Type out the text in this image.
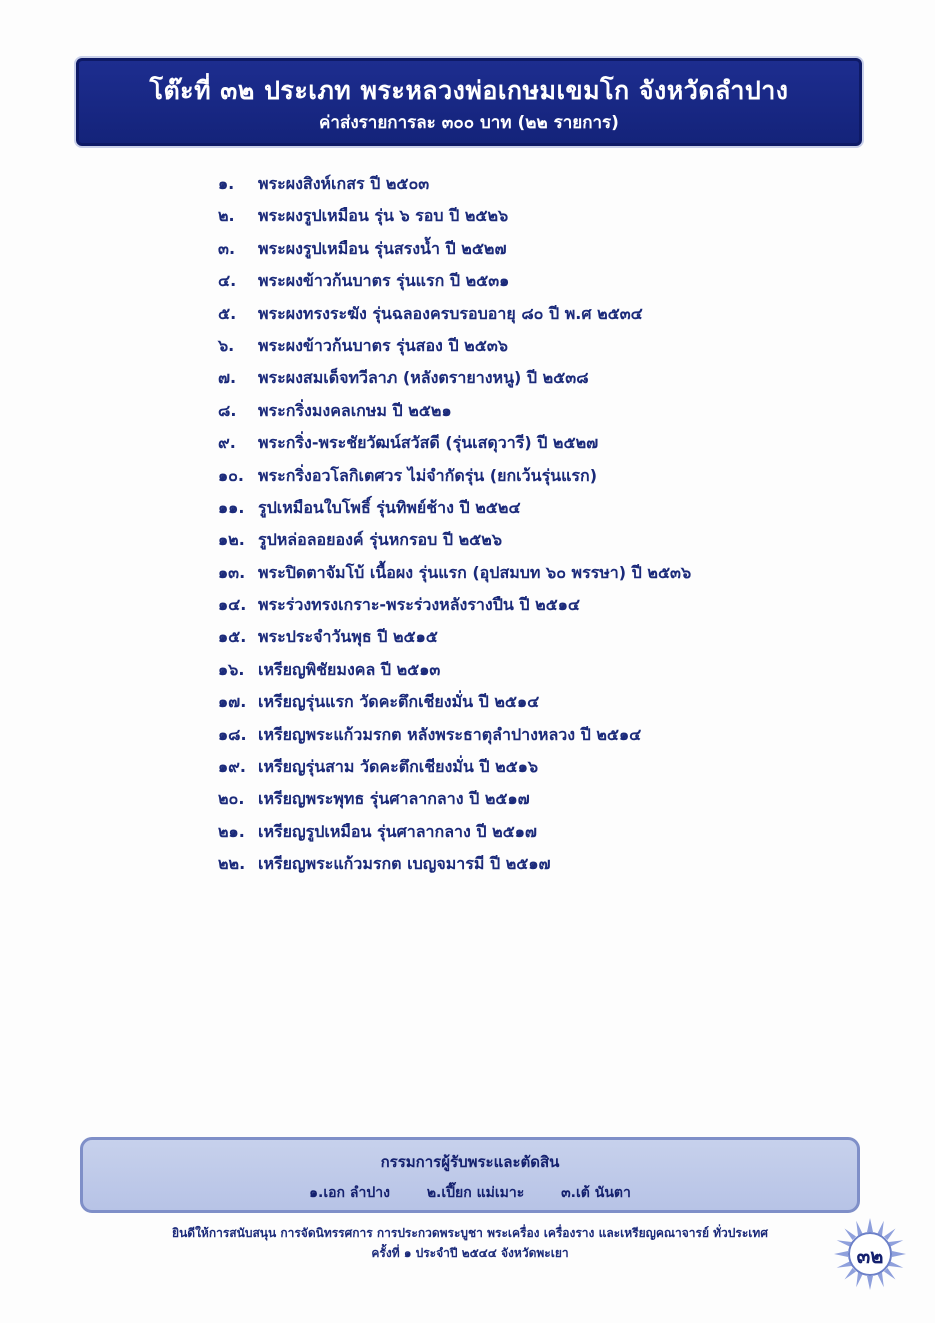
โต๊ะที่ ๓๒ ประเภท พระหลวงพ่อเกษมเขมโก จังหวัดลำปาง
ค่าส่งรายการละ ๓๐๐ บาท (๒๒ รายการ)
๑.	พระผงสิงห์เกสร ปี ๒๕๐๓
๒.	พระผงรูปเหมือน รุ่น ๖ รอบ ปี ๒๕๒๖
๓.	พระผงรูปเหมือน รุ่นสรงน้ำ ปี ๒๕๒๗
๔.	พระผงข้าวก้นบาตร รุ่นแรก ปี ๒๕๓๑
๕.	พระผงทรงระฆัง รุ่นฉลองครบรอบอายุ ๘๐ ปี พ.ศ ๒๕๓๔
๖.	พระผงข้าวก้นบาตร รุ่นสอง ปี ๒๕๓๖
๗.	พระผงสมเด็จทวีลาภ (หลังตรายางหนู) ปี ๒๕๓๘
๘.	พระกริ่งมงคลเกษม ปี ๒๕๒๑
๙.	พระกริ่ง-พระชัยวัฒน์สวัสดี (รุ่นเสดุวารี) ปี ๒๕๒๗
๑๐. พระกริ่งอวโลกิเตศวร ไม่จำกัดรุ่น (ยกเว้นรุ่นแรก)
๑๑. รูปเหมือนใบโพธิ์ รุ่นทิพย์ช้าง ปี ๒๕๒๔
๑๒. รูปหล่อลอยองค์ รุ่นหกรอบ ปี ๒๕๒๖
๑๓. พระปิดตาจัมโบ้ เนื้อผง รุ่นแรก (อุปสมบท ๖๐ พรรษา) ปี ๒๕๓๖
๑๔. พระร่วงทรงเกราะ-พระร่วงหลังรางปืน ปี ๒๕๑๔
๑๕. พระประจำวันพุธ ปี ๒๕๑๕
๑๖. เหรียญพิชัยมงคล ปี ๒๕๑๓
๑๗. เหรียญรุ่นแรก วัดคะตึกเชียงมั่น ปี ๒๕๑๔
๑๘. เหรียญพระแก้วมรกต หลังพระธาตุลำปางหลวง ปี ๒๕๑๔
๑๙. เหรียญรุ่นสาม วัดคะตึกเชียงมั่น ปี ๒๕๑๖
๒๐. เหรียญพระพุทธ รุ่นศาลากลาง ปี ๒๕๑๗
๒๑. เหรียญรูปเหมือน รุ่นศาลากลาง ปี ๒๕๑๗
๒๒. เหรียญพระแก้วมรกต เบญจมารมี ปี ๒๕๑๗
กรรมการผู้รับพระและตัดสิน
๑.เอก ลำปาง	๒.เปี๊ยก แม่เมาะ	๓.เต้ นันตา
ยินดีให้การสนับสนุน การจัดนิทรรศการ การประกวดพระบูชา พระเครื่อง เครื่องราง และเหรียญคณาจารย์ ทั่วประเทศ
ครั้งที่ ๑ ประจำปี ๒๕๔๔ จังหวัดพะเยา	๓๒
